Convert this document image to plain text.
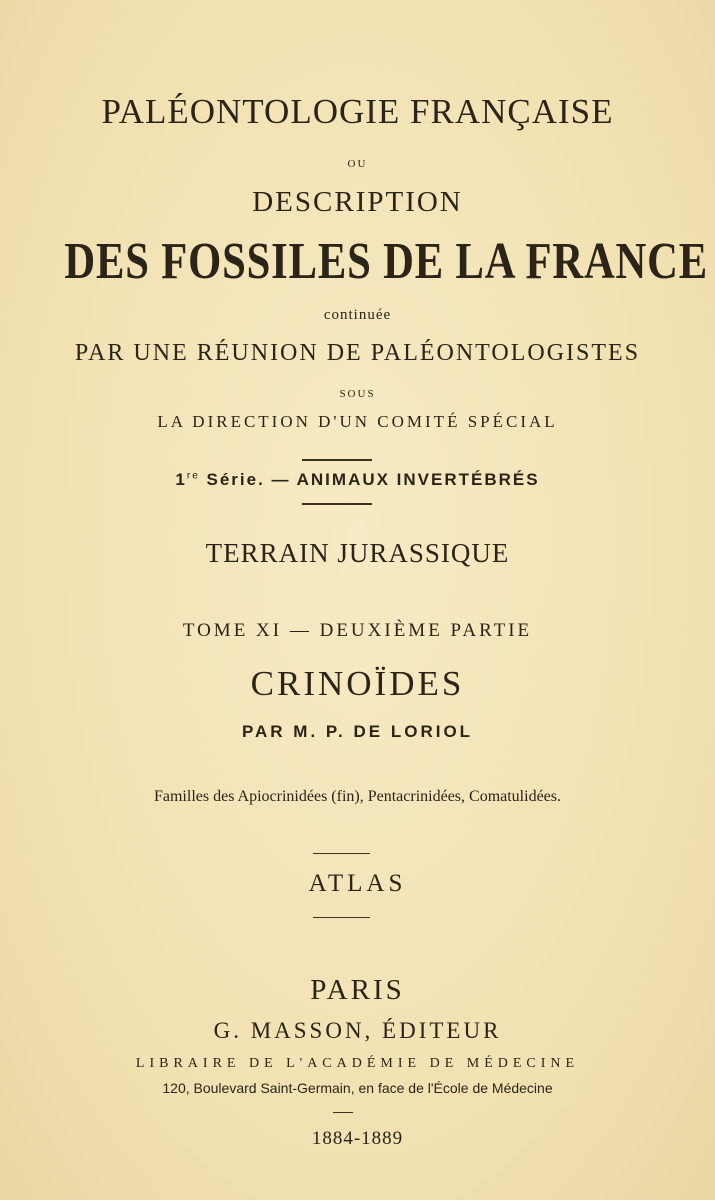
PALÉONTOLOGIE FRANÇAISE
OU
DESCRIPTION
DES FOSSILES DE LA FRANCE
continuée
PAR UNE RÉUNION DE PALÉONTOLOGISTES
SOUS
LA DIRECTION D'UN COMITÉ SPÉCIAL
1re Série. — ANIMAUX INVERTÉBRÉS
TERRAIN JURASSIQUE
TOME XI — DEUXIÈME PARTIE
CRINOÏDES
PAR M. P. DE LORIOL
Familles des Apiocrinidées (fin), Pentacrinidées, Comatulidées.
ATLAS
PARIS
G. MASSON, ÉDITEUR
LIBRAIRE DE L'ACADÉMIE DE MÉDECINE
120, Boulevard Saint-Germain, en face de l'École de Médecine
1884-1889
